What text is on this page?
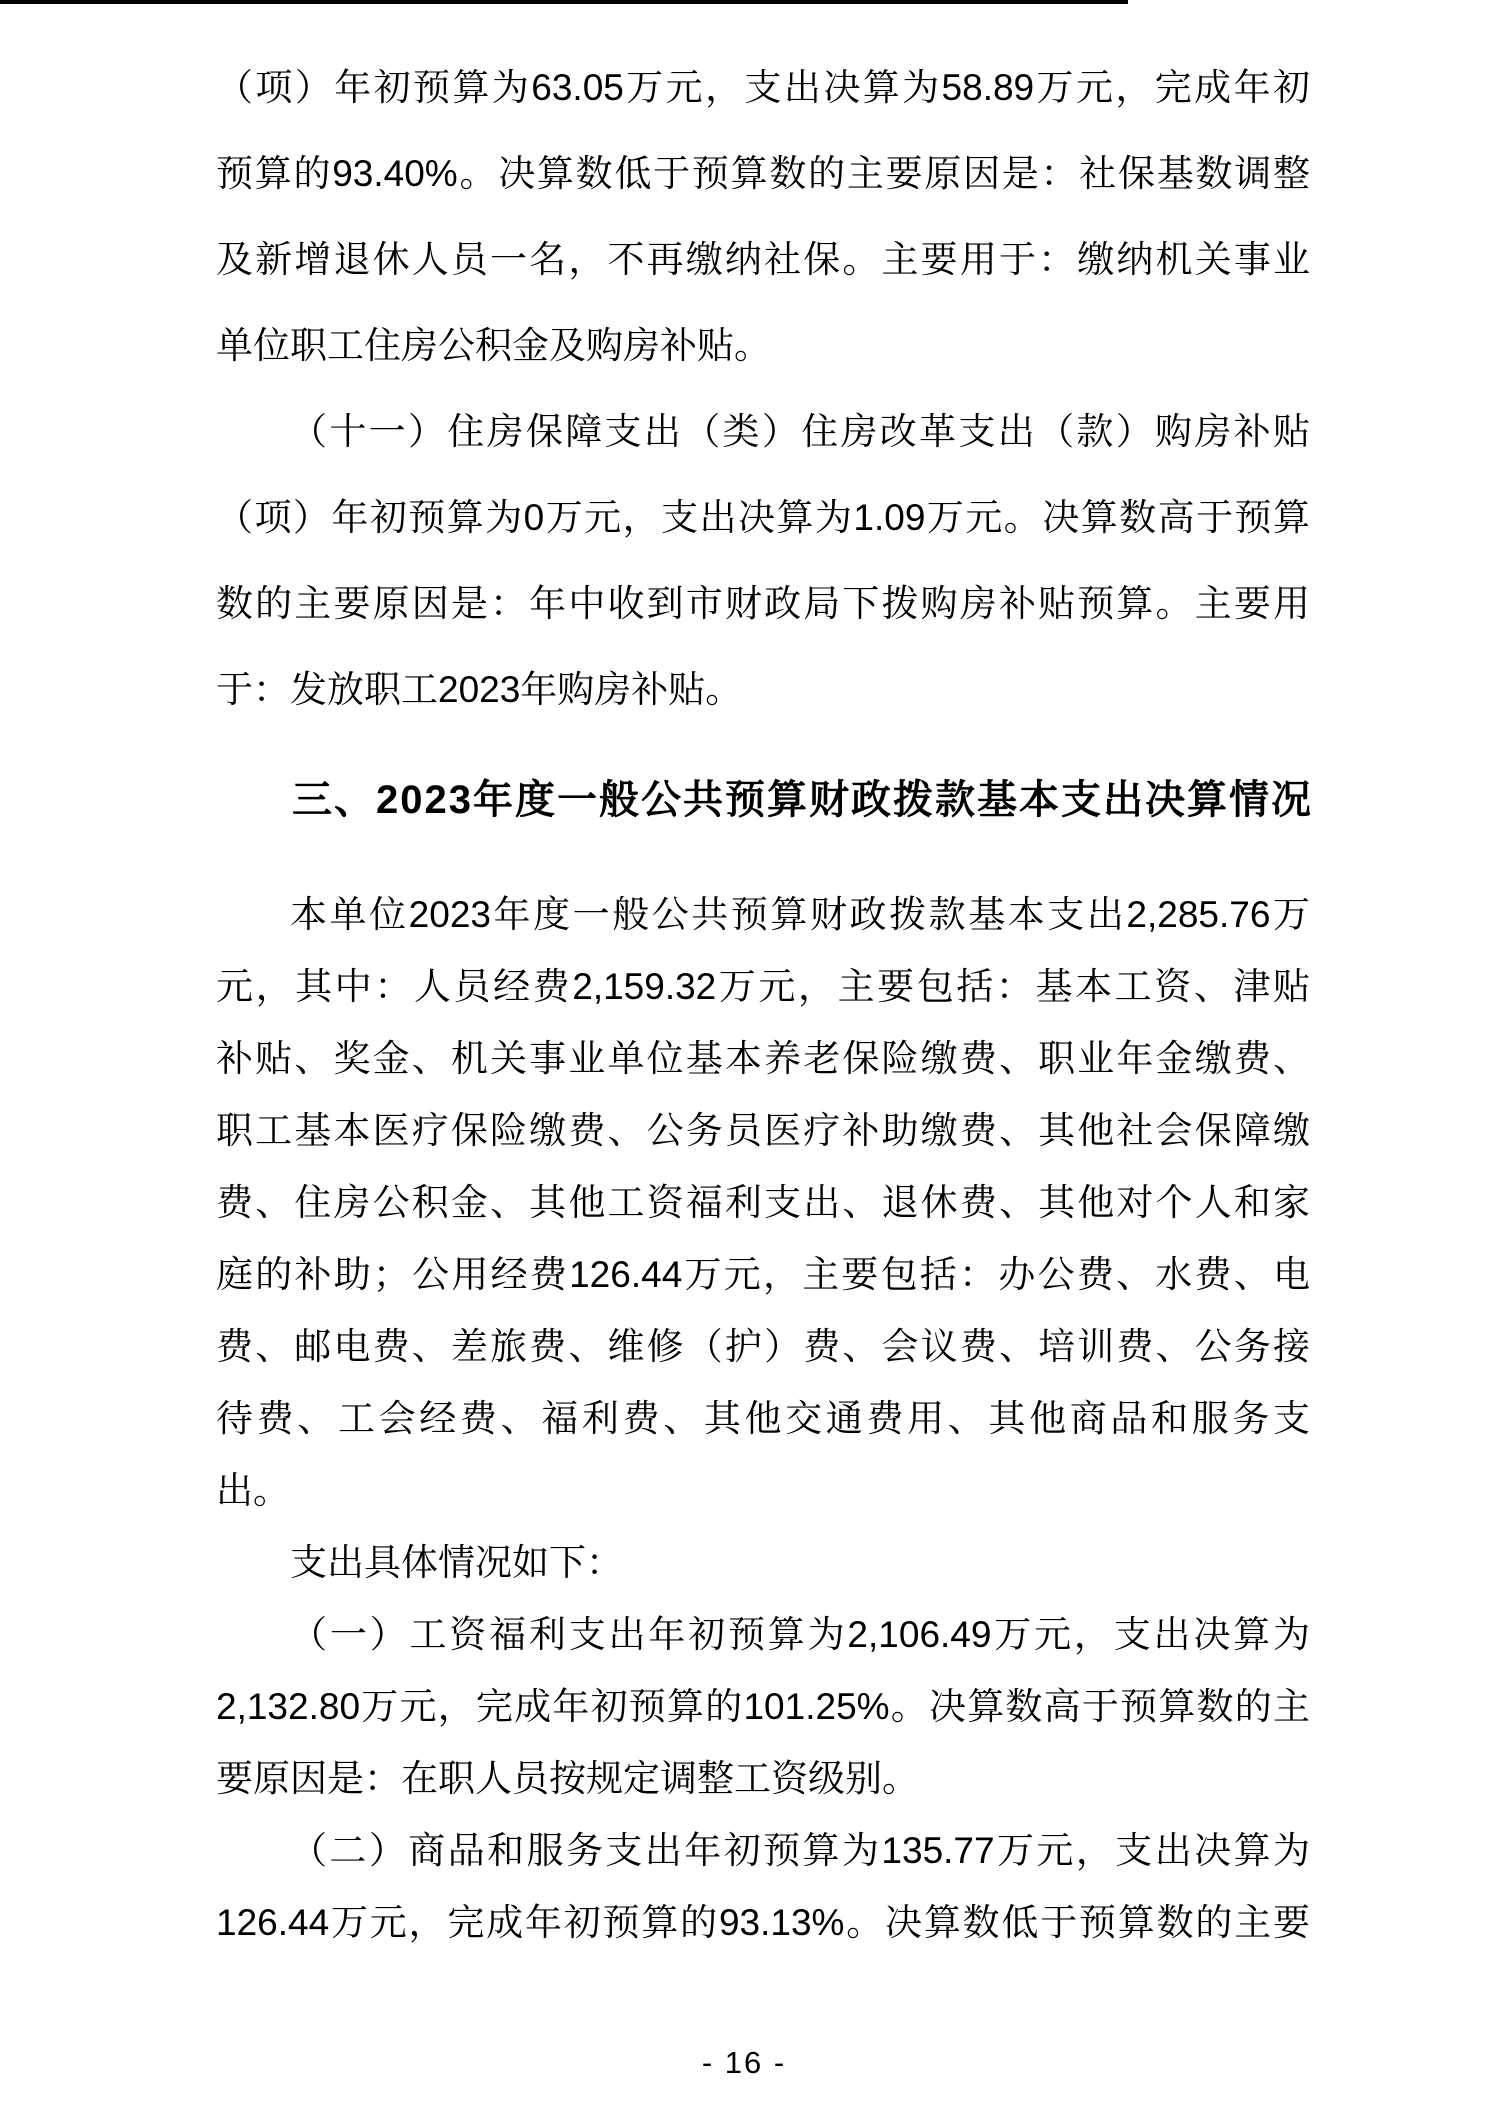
（项）年初预算为63.05万元，支出决算为58.89万元，完成年初
预算的93.40%。决算数低于预算数的主要原因是：社保基数调整
及新增退休人员一名，不再缴纳社保。主要用于：缴纳机关事业
单位职工住房公积金及购房补贴。
（十一）住房保障支出（类）住房改革支出（款）购房补贴
（项）年初预算为0万元，支出决算为1.09万元。决算数高于预算
数的主要原因是：年中收到市财政局下拨购房补贴预算。主要用
于：发放职工2023年购房补贴。
三、2023年度一般公共预算财政拨款基本支出决算情况
本单位2023年度一般公共预算财政拨款基本支出2,285.76万
元，其中：人员经费2,159.32万元，主要包括：基本工资、津贴
补贴、奖金、机关事业单位基本养老保险缴费、职业年金缴费、
职工基本医疗保险缴费、公务员医疗补助缴费、其他社会保障缴
费、住房公积金、其他工资福利支出、退休费、其他对个人和家
庭的补助；公用经费126.44万元，主要包括：办公费、水费、电
费、邮电费、差旅费、维修（护）费、会议费、培训费、公务接
待费、工会经费、福利费、其他交通费用、其他商品和服务支
出。
支出具体情况如下：
（一）工资福利支出年初预算为2,106.49万元，支出决算为
2,132.80万元，完成年初预算的101.25%。决算数高于预算数的主
要原因是：在职人员按规定调整工资级别。
（二）商品和服务支出年初预算为135.77万元，支出决算为
126.44万元，完成年初预算的93.13%。决算数低于预算数的主要
- 16 -
